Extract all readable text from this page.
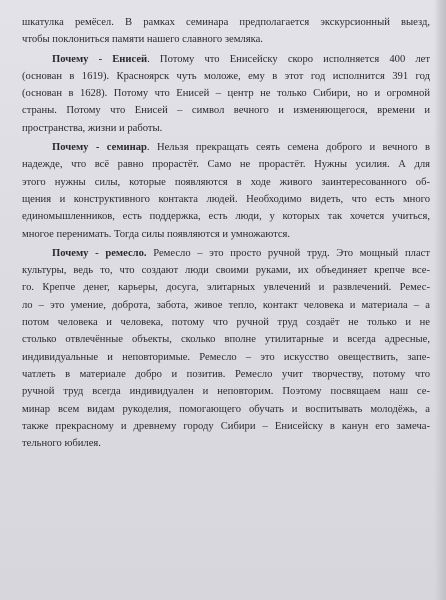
шкатулка ремёсел. В рамках семинара предполагается экскурсионный выезд,
чтобы поклониться памяти нашего славного земляка.
Почему - Енисей. Потому что Енисейску скоро исполняется 400 лет
(основан в 1619). Красноярск чуть моложе, ему в этот год исполнится 391 год
(основан в 1628). Потому что Енисей – центр не только Сибири, но и огромной
страны. Потому что Енисей – символ вечного и изменяющегося, времени и
пространства, жизни и работы.
Почему - семинар. Нельзя прекращать сеять семена доброго и вечного в
надежде, что всё равно прорастёт. Само не прорастёт. Нужны усилия. А для
этого нужны силы, которые появляются в ходе живого заинтересованного об-
щения и конструктивного контакта людей. Необходимо видеть, что есть много
единомышленников, есть поддержка, есть люди, у которых так хочется учиться,
многое перенимать. Тогда силы появляются и умножаются.
Почему - ремесло. Ремесло – это просто ручной труд. Это мощный пласт
культуры, ведь то, что создают люди своими руками, их объединяет крепче все-
го. Крепче денег, карьеры, досуга, элитарных увлечений и развлечений. Ремес-
ло – это умение, доброта, забота, живое тепло, контакт человека и материала – а
потом человека и человека, потому что ручной труд создаёт не только и не
столько отвлечённые объекты, сколько вполне утилитарные и всегда адресные,
индивидуальные и неповторимые. Ремесло – это искусство овеществить, запе-
чатлеть в материале добро и позитив. Ремесло учит творчеству, потому что
ручной труд всегда индивидуален и неповторим. Поэтому посвящаем наш се-
минар всем видам рукоделия, помогающего обучать и воспитывать молодёжь, а
также прекрасному и древнему городу Сибири – Енисейску в канун его замеча-
тельного юбилея.
